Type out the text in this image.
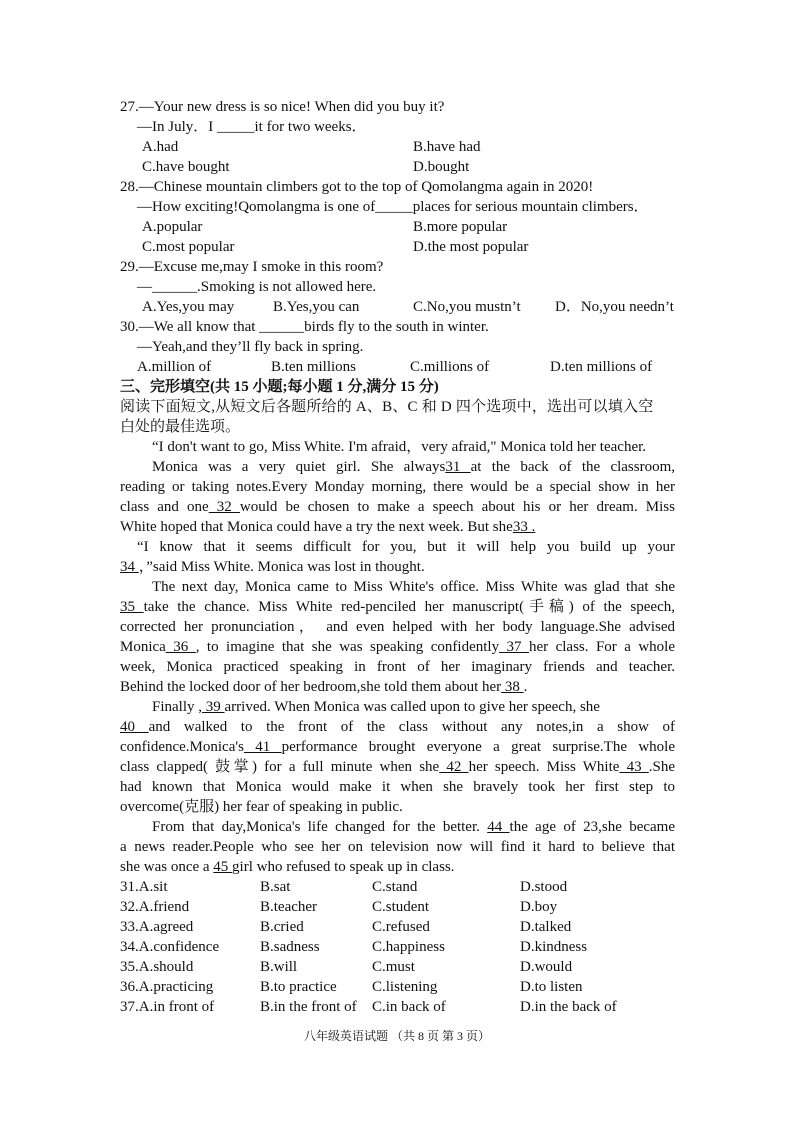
27.—Your new dress is so nice! When did you buy it?
—In July．I _____it for two weeks．
A.had	B.have had
C.have bought	D.bought
28.—Chinese mountain climbers got to the top of Qomolangma again in 2020!
—How exciting!Qomolangma is one of_____places for serious mountain climbers．
A.popular	B.more popular
C.most popular	D.the most popular
29.—Excuse me,may I smoke in this room?
—______.Smoking is not allowed here.
A.Yes,you may	B.Yes,you can	C.No,you mustn’t D．No,you needn’t
30.—We all know that ______birds fly to the south in winter.
—Yeah,and they’ll fly back in spring.
A.million of	B.ten millions	C.millions of	D.ten millions of
三、完形填空(共 15 小题;每小题 1 分,满分 15 分)
阅读下面短文,从短文后各题所给的 A、B、C 和 D 四个选项中，选出可以填入空
白处的最佳选项。
“I don't want to go, Miss White. I'm afraid，very afraid," Monica told her teacher.
Monica was a very quiet girl. She always31 at the back of the classroom,
reading or taking notes.Every Monday morning, there would be a special show in her
class and one 32 would be chosen to make a speech about his or her dream. Miss
White hoped that Monica could have a try the next week. But she33 .
“I know that it seems difficult for you, but it will help you build up your
34 ，”said Miss White. Monica was lost in thought.
The next day, Monica came to Miss White's office. Miss White was glad that she
35 take the chance. Miss White red-penciled her manuscript(手稿) of the speech,
corrected her pronunciation， and even helped with her body language.She advised
Monica 36 , to imagine that she was speaking confidently 37 her class. For a whole
week, Monica practiced speaking in front of her imaginary friends and teacher.
Behind the locked door of her bedroom,she told them about her 38 .
Finally , 39 arrived. When Monica was called upon to give her speech, she
40 and walked to the front of the class without any notes,in a show of
confidence.Monica's 41 performance brought everyone a great surprise.The whole
class clapped( 鼓掌) for a full minute when she 42 her speech. Miss White 43 .She
had known that Monica would make it when she bravely took her first step to
overcome(克服) her fear of speaking in public.
From that day,Monica's life changed for the better. 44 the age of 23,she became
a news reader.People who see her on television now will find it hard to believe that
she was once a 45 girl who refused to speak up in class.
31.A.sit	B.sat	C.stand	D.stood
32.A.friend	B.teacher	C.student	D.boy
33.A.agreed	B.cried	C.refused	D.talked
34.A.confidence	B.sadness	C.happiness	D.kindness
35.A.should	B.will	C.must	D.would
36.A.practicing	B.to practice C.listening	D.to listen
37.A.in front of	B.in the front of C.in back of	D.in the back of
八年级英语试题 （共 8 页 第 3 页）
